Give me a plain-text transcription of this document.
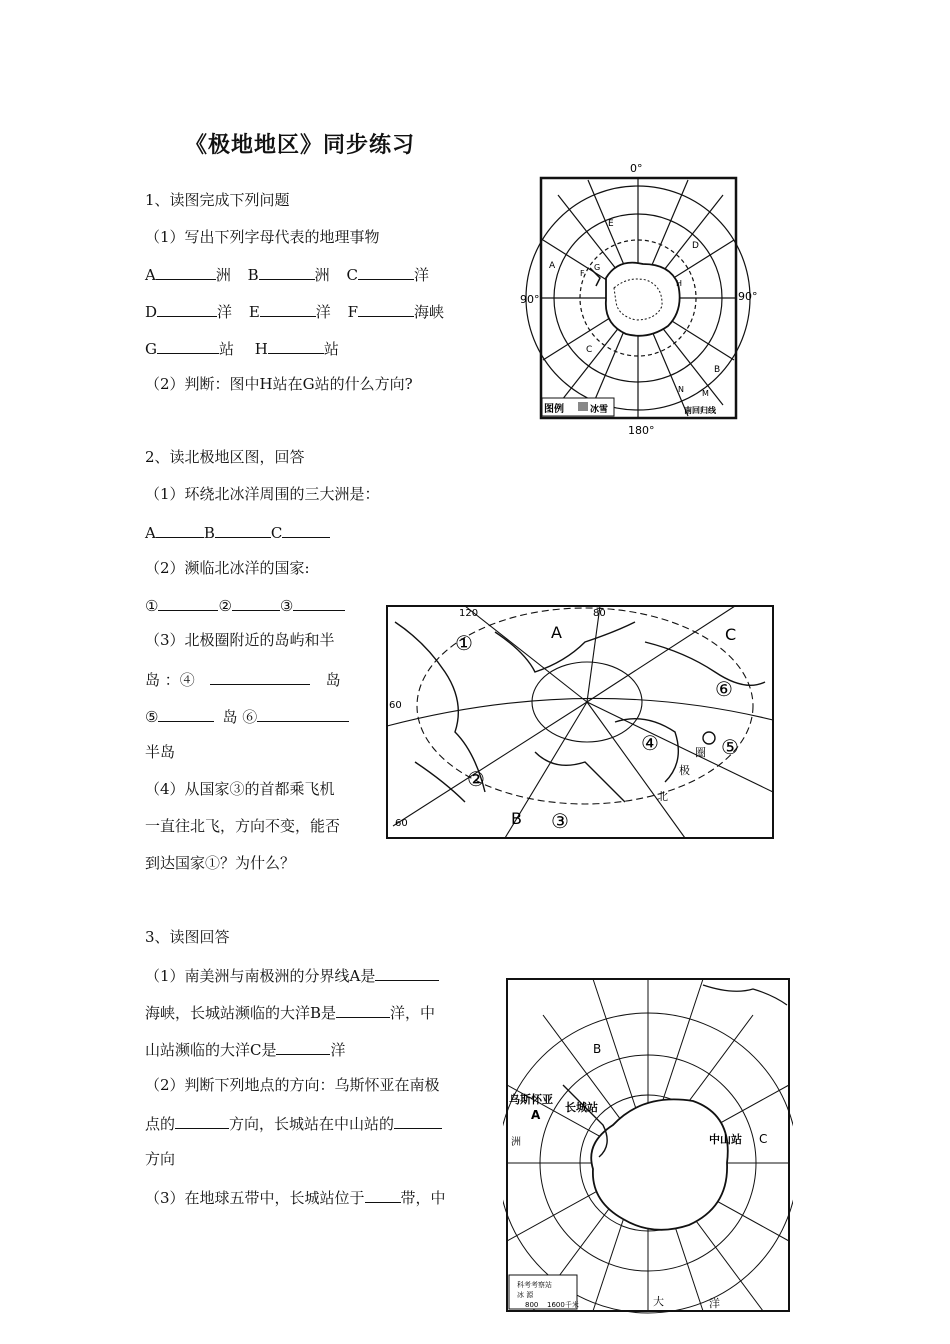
《极地地区》同步练习
1、读图完成下列问题
（1）写出下列字母代表的地理事物
A	洲 B	洲 C	洋
D	洋 E	洋 F	海峡
G	站 H	站
（2）判断：图中H站在G站的什么方向?
图例	冰雪
0°
90°	90°
180°
南回归线
A
B
C
D
E
F
G
H
N M
2、读北极地区图，回答
（1）环绕北冰洋周围的三大洲是：
A	B	C
（2）濒临北冰洋的国家:
①	②	③
（3）北极圈附近的岛屿和半
岛 ：④	岛
⑤	岛 ⑥
半岛
（4）从国家③的首都乘飞机
一直往北飞，方向不变，能否
到达国家①？为什么？
120	80
60
60
A
B
C
①
②
③
④	⑤
⑥
北
极
圈
3、读图回答
（1）南美洲与南极洲的分界线A是
海峡，长城站濒临的大洋B是	洋，中
山站濒临的大洋C是	洋
（2）判断下列地点的方向：乌斯怀亚在南极
点的	方向，长城站在中山站的
方向
（3）在地球五带中，长城站位于 带，中
乌斯怀亚
A
长城站
中山站
B
C
科考考察站
冰 源
800 1600千米	大	洋
洲
